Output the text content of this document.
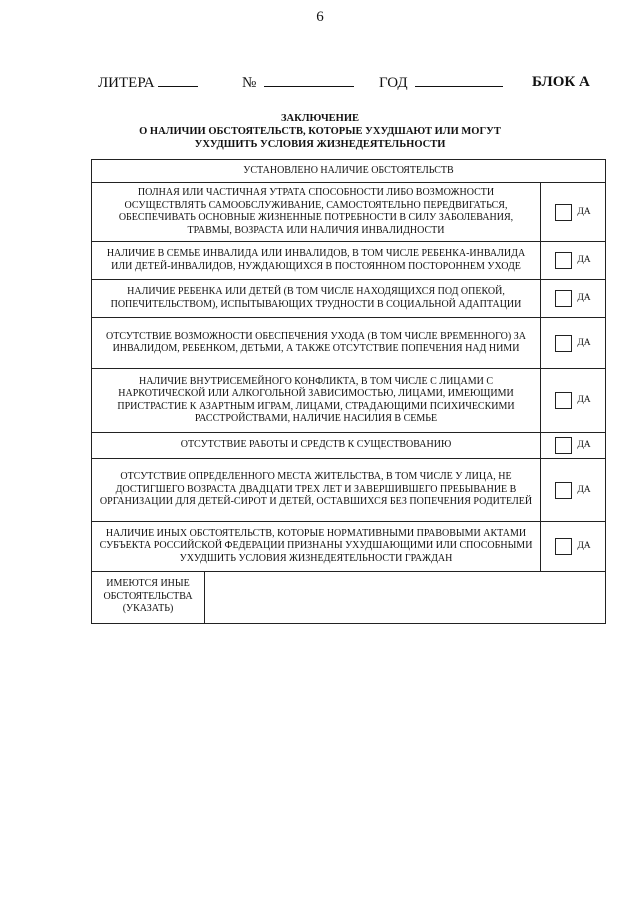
6
ЛИТЕРА	№	ГОД	БЛОК А
ЗАКЛЮЧЕНИЕ
О НАЛИЧИИ ОБСТОЯТЕЛЬСТВ, КОТОРЫЕ УХУДШАЮТ ИЛИ МОГУТ
УХУДШИТЬ УСЛОВИЯ ЖИЗНЕДЕЯТЕЛЬНОСТИ
УСТАНОВЛЕНО НАЛИЧИЕ ОБСТОЯТЕЛЬСТВ		
ПОЛНАЯ ИЛИ ЧАСТИЧНАЯ УТРАТА СПОСОБНОСТИ ЛИБО ВОЗМОЖНОСТИ ОСУЩЕСТВЛЯТЬ САМООБСЛУЖИВАНИЕ, САМОСТОЯТЕЛЬНО ПЕРЕДВИГАТЬСЯ, ОБЕСПЕЧИВАТЬ ОСНОВНЫЕ ЖИЗНЕННЫЕ ПОТРЕБНОСТИ В СИЛУ ЗАБОЛЕВАНИЯ, ТРАВМЫ, ВОЗРАСТА ИЛИ НАЛИЧИЯ ИНВАЛИДНОСТИ		ДА

НАЛИЧИЕ В СЕМЬЕ ИНВАЛИДА ИЛИ ИНВАЛИДОВ, В ТОМ ЧИСЛЕ РЕБЕНКА-ИНВАЛИДА ИЛИ ДЕТЕЙ-ИНВАЛИДОВ, НУЖДАЮЩИХСЯ В ПОСТОЯННОМ ПОСТОРОННЕМ УХОДЕ		ДА

НАЛИЧИЕ РЕБЕНКА ИЛИ ДЕТЕЙ (В ТОМ ЧИСЛЕ НАХОДЯЩИХСЯ ПОД ОПЕКОЙ, ПОПЕЧИТЕЛЬСТВОМ), ИСПЫТЫВАЮЩИХ ТРУДНОСТИ В СОЦИАЛЬНОЙ АДАПТАЦИИ		ДА

ОТСУТСТВИЕ ВОЗМОЖНОСТИ ОБЕСПЕЧЕНИЯ УХОДА (В ТОМ ЧИСЛЕ ВРЕМЕННОГО) ЗА ИНВАЛИДОМ, РЕБЕНКОМ, ДЕТЬМИ, А ТАКЖЕ ОТСУТСТВИЕ ПОПЕЧЕНИЯ НАД НИМИ		ДА

НАЛИЧИЕ ВНУТРИСЕМЕЙНОГО КОНФЛИКТА, В ТОМ ЧИСЛЕ С ЛИЦАМИ С НАРКОТИЧЕСКОЙ ИЛИ АЛКОГОЛЬНОЙ ЗАВИСИМОСТЬЮ, ЛИЦАМИ, ИМЕЮЩИМИ ПРИСТРАСТИЕ К АЗАРТНЫМ ИГРАМ, ЛИЦАМИ, СТРАДАЮЩИМИ ПСИХИЧЕСКИМИ РАССТРОЙСТВАМИ, НАЛИЧИЕ НАСИЛИЯ В СЕМЬЕ		ДА

ОТСУТСТВИЕ РАБОТЫ И СРЕДСТВ К СУЩЕСТВОВАНИЮ		ДА

ОТСУТСТВИЕ ОПРЕДЕЛЕННОГО МЕСТА ЖИТЕЛЬСТВА, В ТОМ ЧИСЛЕ У ЛИЦА, НЕ ДОСТИГШЕГО ВОЗРАСТА ДВАДЦАТИ ТРЕХ ЛЕТ И ЗАВЕРШИВШЕГО ПРЕБЫВАНИЕ В ОРГАНИЗАЦИИ ДЛЯ ДЕТЕЙ-СИРОТ И ДЕТЕЙ, ОСТАВШИХСЯ БЕЗ ПОПЕЧЕНИЯ РОДИТЕЛЕЙ		ДА

НАЛИЧИЕ ИНЫХ ОБСТОЯТЕЛЬСТВ, КОТОРЫЕ НОРМАТИВНЫМИ ПРАВОВЫМИ АКТАМИ СУБЪЕКТА РОССИЙСКОЙ ФЕДЕРАЦИИ ПРИЗНАНЫ УХУДШАЮЩИМИ ИЛИ СПОСОБНЫМИ УХУДШИТЬ УСЛОВИЯ ЖИЗНЕДЕЯТЕЛЬНОСТИ ГРАЖДАН		ДА

ИМЕЮТСЯ ИНЫЕ ОБСТОЯТЕЛЬСТВА (УКАЗАТЬ)		
